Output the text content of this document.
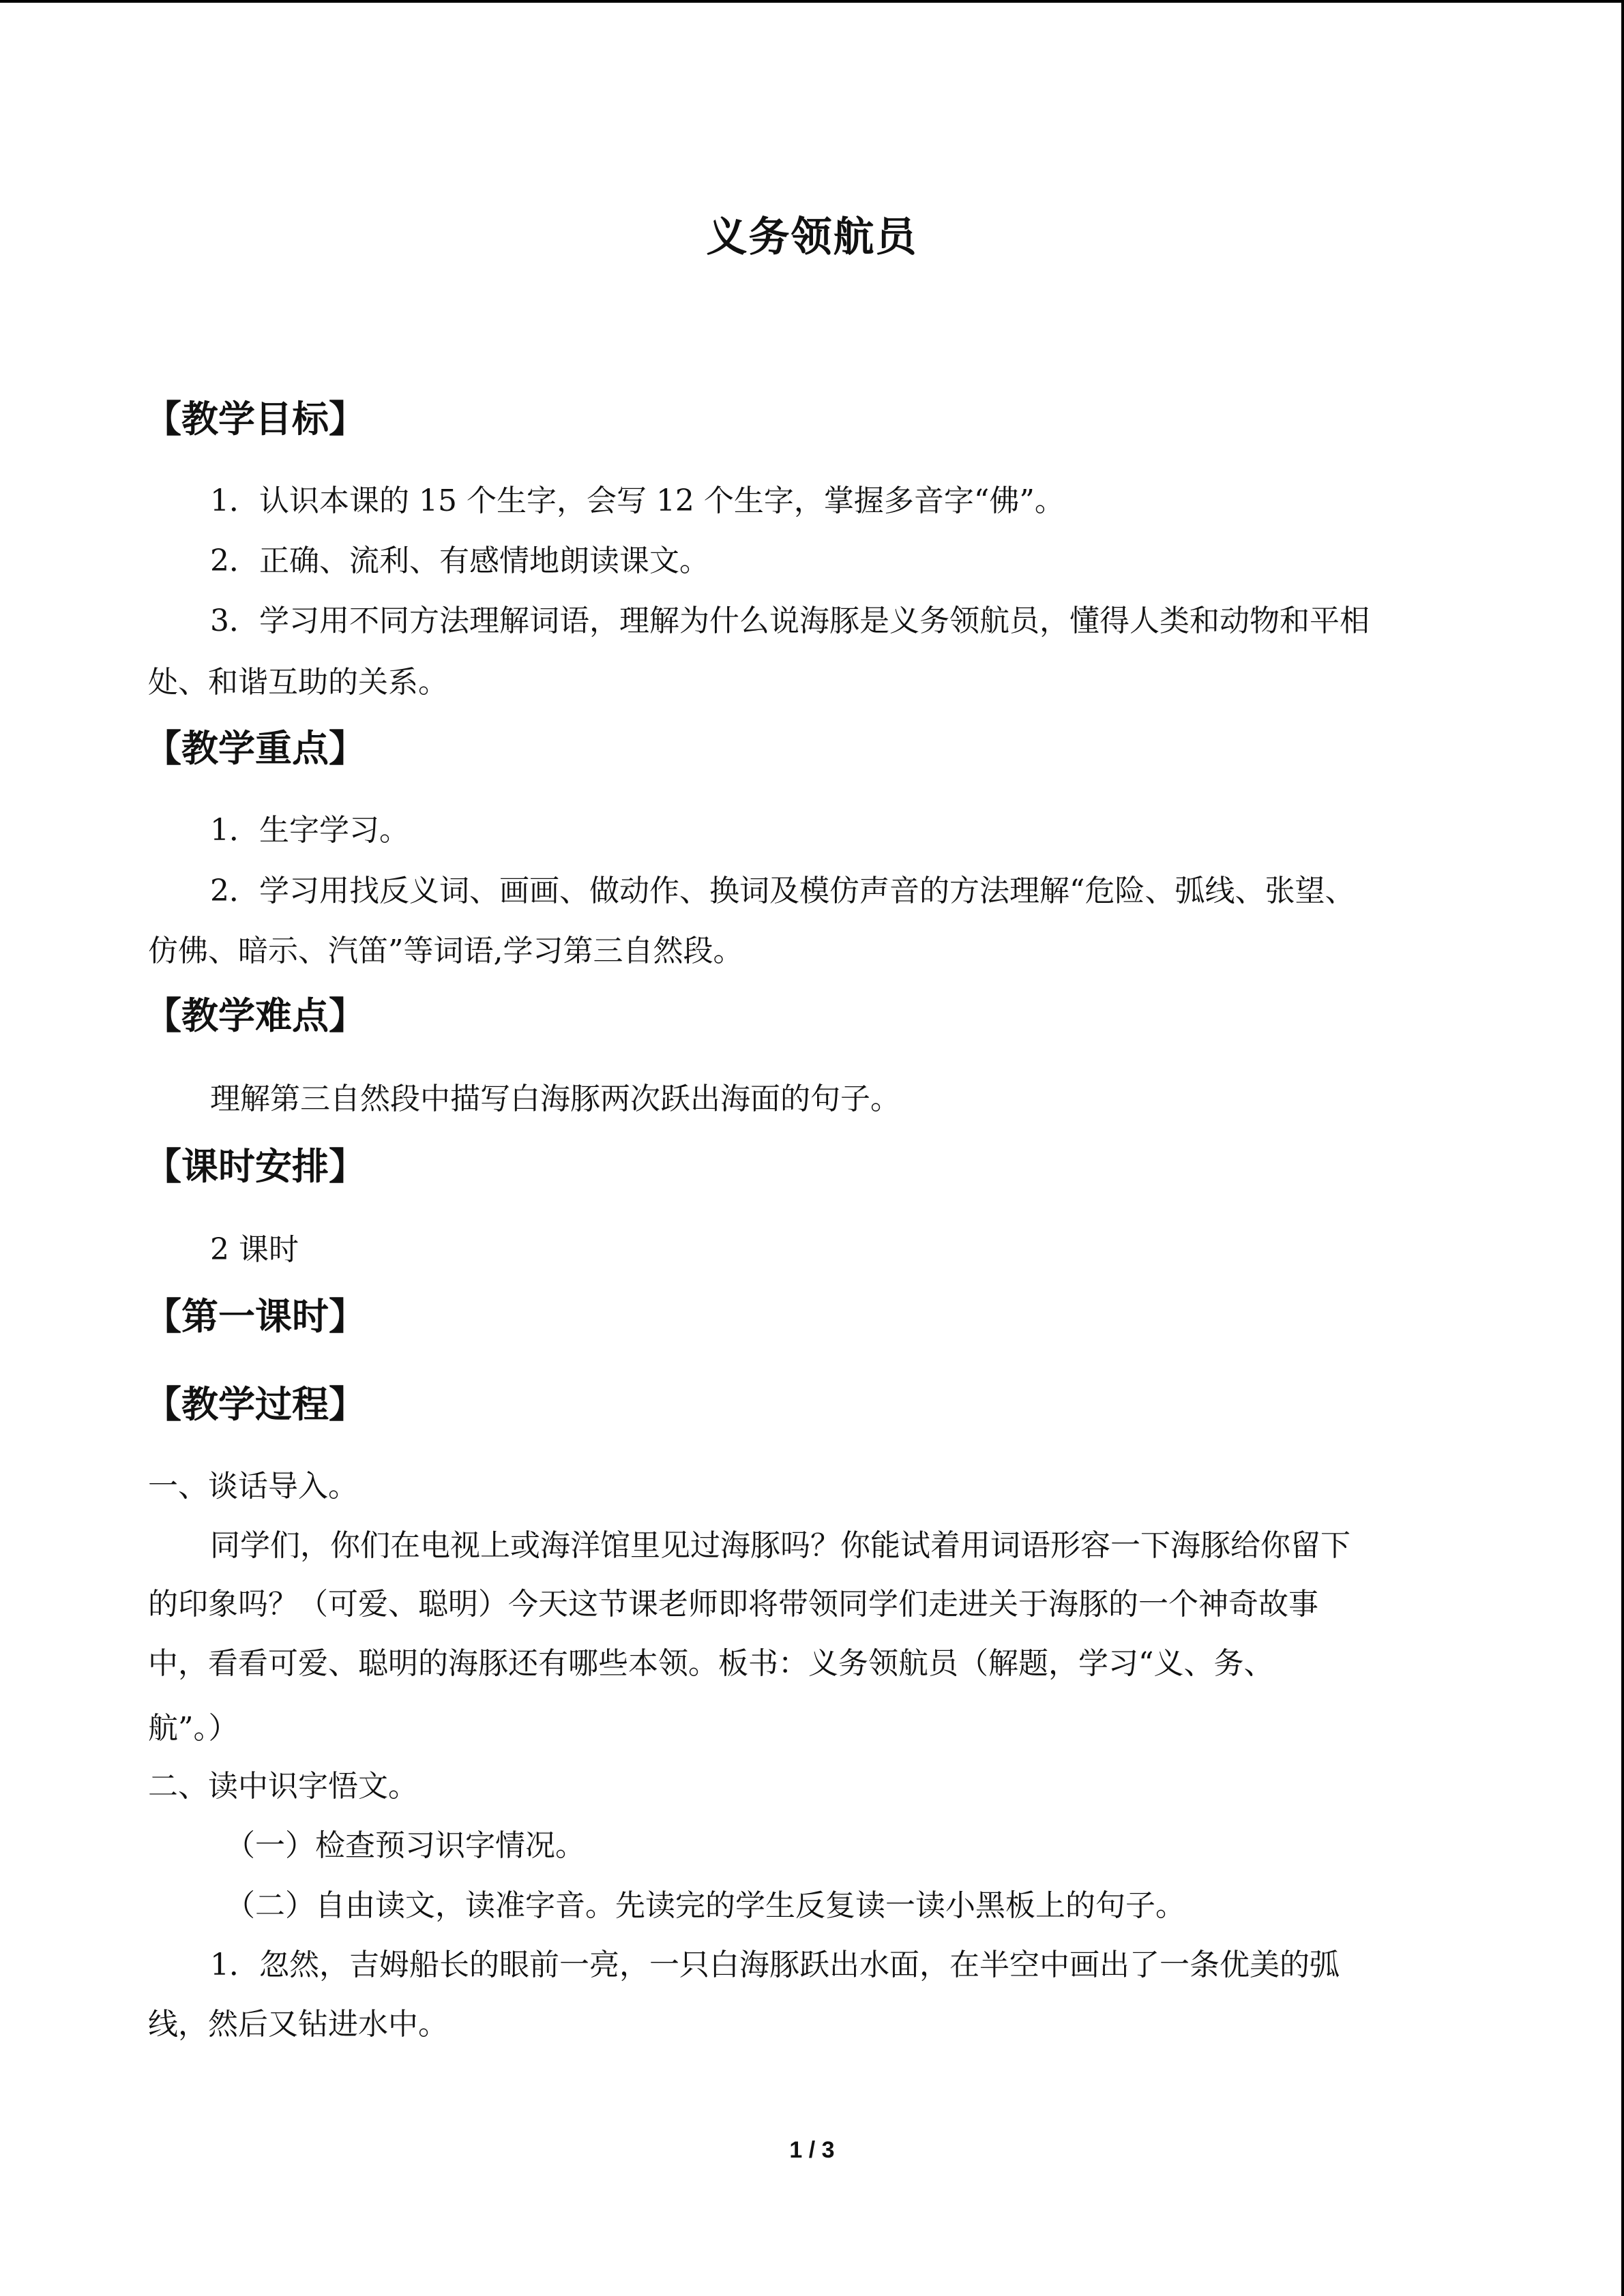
义务领航员
【教学目标】
1．认识本课的 15 个生字，会写 12 个生字，掌握多音字“佛”。
2．正确、流利、有感情地朗读课文。
3．学习用不同方法理解词语，理解为什么说海豚是义务领航员，懂得人类和动物和平相
处、和谐互助的关系。
【教学重点】
1．生字学习。
2．学习用找反义词、画画、做动作、换词及模仿声音的方法理解“危险、弧线、张望、
仿佛、暗示、汽笛”等词语,学习第三自然段。
【教学难点】
理解第三自然段中描写白海豚两次跃出海面的句子。
【课时安排】
2 课时
【第一课时】
【教学过程】
一、谈话导入。
同学们，你们在电视上或海洋馆里见过海豚吗？你能试着用词语形容一下海豚给你留下
的印象吗？（可爱、聪明）今天这节课老师即将带领同学们走进关于海豚的一个神奇故事
中，看看可爱、聪明的海豚还有哪些本领。板书：义务领航员（解题，学习“义、务、
航”。）
二、读中识字悟文。
（一）检查预习识字情况。
（二）自由读文，读准字音。先读完的学生反复读一读小黑板上的句子。
1．忽然，吉姆船长的眼前一亮，一只白海豚跃出水面，在半空中画出了一条优美的弧
线，然后又钻进水中。
1 / 3
